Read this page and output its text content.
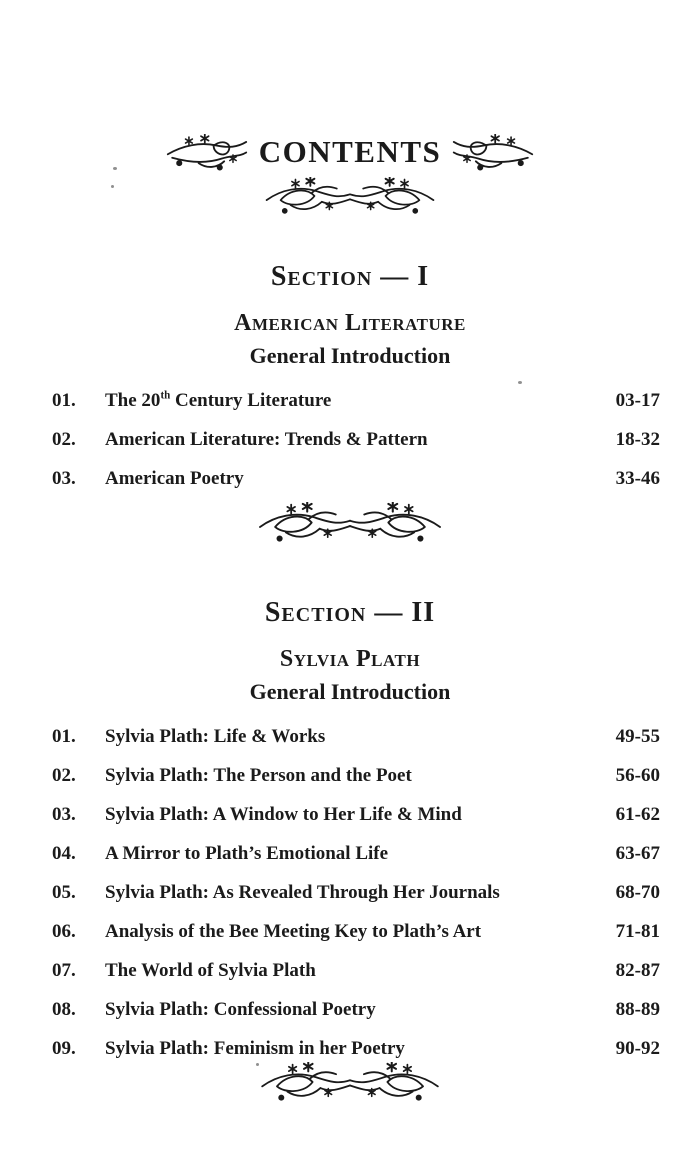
CONTENTS
Section — I
American Literature
General Introduction
01.	The 20th Century Literature	03-17
02.	American Literature: Trends & Pattern	18-32
03.	American Poetry	33-46
Section — II
Sylvia Plath
General Introduction
01.	Sylvia Plath: Life & Works	49-55
02.	Sylvia Plath: The Person and the Poet	56-60
03.	Sylvia Plath: A Window to Her Life & Mind	61-62
04.	A Mirror to Plath’s Emotional Life	63-67
05.	Sylvia Plath: As Revealed Through Her Journals	68-70
06.	Analysis of the Bee Meeting Key to Plath’s Art	71-81
07.	The World of Sylvia Plath	82-87
08.	Sylvia Plath: Confessional Poetry	88-89
09.	Sylvia Plath: Feminism in her Poetry	90-92
